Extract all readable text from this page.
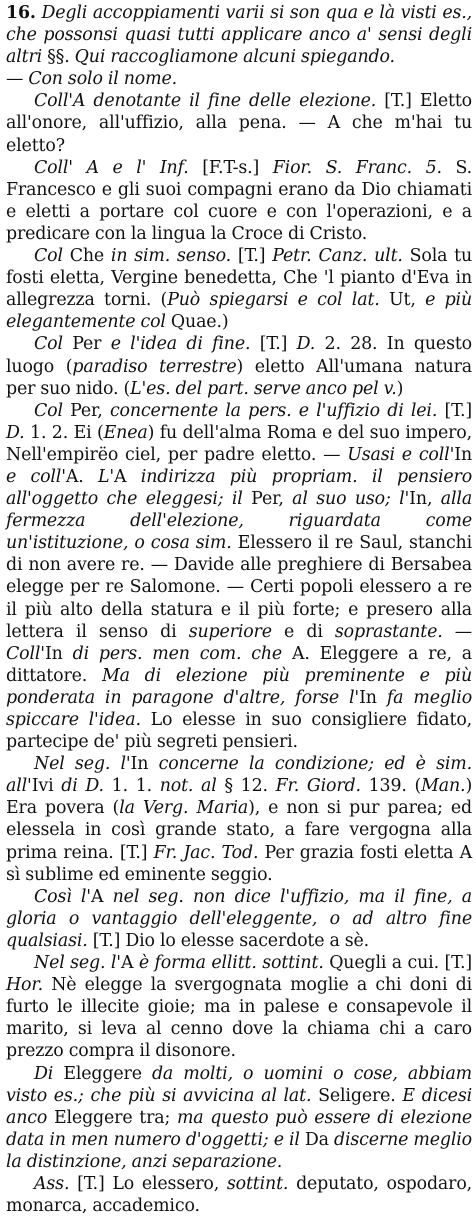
16. Degli accoppiamenti varii si son qua e là visti es., che possonsi quasi tutti applicare anco a' sensi degli altri §§. Qui raccogliamone alcuni spiegando.
— Con solo il nome.

Coll'A denotante il fine delle elezione. [T.] Eletto all'onore, all'uffizio, alla pena. — A che m'hai tu eletto?

Coll' A e l' Inf. [F.T-s.] Fior. S. Franc. 5. S. Francesco e gli suoi compagni erano da Dio chiamati e eletti a portare col cuore e con l'operazioni, e a predicare con la lingua la Croce di Cristo.

Col Che in sim. senso. [T.] Petr. Canz. ult. Sola tu fosti eletta, Vergine benedetta, Che 'l pianto d'Eva in allegrezza torni. (Può spiegarsi e col lat. Ut, e più elegantemente col Quae.)

Col Per e l'idea di fine. [T.] D. 2. 28. In questo luogo (paradiso terrestre) eletto All'umana natura per suo nido. (L'es. del part. serve anco pel v.)

Col Per, concernente la pers. e l'uffizio di lei. [T.] D. 1. 2. Ei (Enea) fu dell'alma Roma e del suo impero, Nell'empirëo ciel, per padre eletto. — Usasi e coll'In e coll'A. L'A indirizza più propriam. il pensiero all'oggetto che eleggesi; il Per, al suo uso; l'In, alla fermezza dell'elezione, riguardata come un'istituzione, o cosa sim. Elessero il re Saul, stanchi di non avere re. — Davide alle preghiere di Bersabea elegge per re Salomone. — Certi popoli elessero a re il più alto della statura e il più forte; e presero alla lettera il senso di superiore e di soprastante. — Coll'In di pers. men com. che A. Eleggere a re, a dittatore. Ma di elezione più preminente e più ponderata in paragone d'altre, forse l'In fa meglio spiccare l'idea. Lo elesse in suo consigliere fidato, partecipe de' più segreti pensieri.

Nel seg. l'In concerne la condizione; ed è sim. all'Ivi di D. 1. 1. not. al § 12. Fr. Giord. 139. (Man.) Era povera (la Verg. Maria), e non si pur parea; ed elessela in così grande stato, a fare vergogna alla prima reina. [T.] Fr. Jac. Tod. Per grazia fosti eletta A sì sublime ed eminente seggio.

Così l'A nel seg. non dice l'uffizio, ma il fine, a gloria o vantaggio dell'eleggente, o ad altro fine qualsiasi. [T.] Dio lo elesse sacerdote a sè.

Nel seg. l'A è forma ellitt. sottint. Quegli a cui. [T.] Hor. Nè elegge la svergognata moglie a chi doni di furto le illecite gioie; ma in palese e consapevole il marito, si leva al cenno dove la chiama chi a caro prezzo compra il disonore.

Di Eleggere da molti, o uomini o cose, abbiam visto es.; che più si avvicina al lat. Seligere. E dicesi anco Eleggere tra; ma questo può essere di elezione data in men numero d'oggetti; e il Da discerne meglio la distinzione, anzi separazione.

Ass. [T.] Lo elessero, sottint. deputato, ospodaro, monarca, accademico.
